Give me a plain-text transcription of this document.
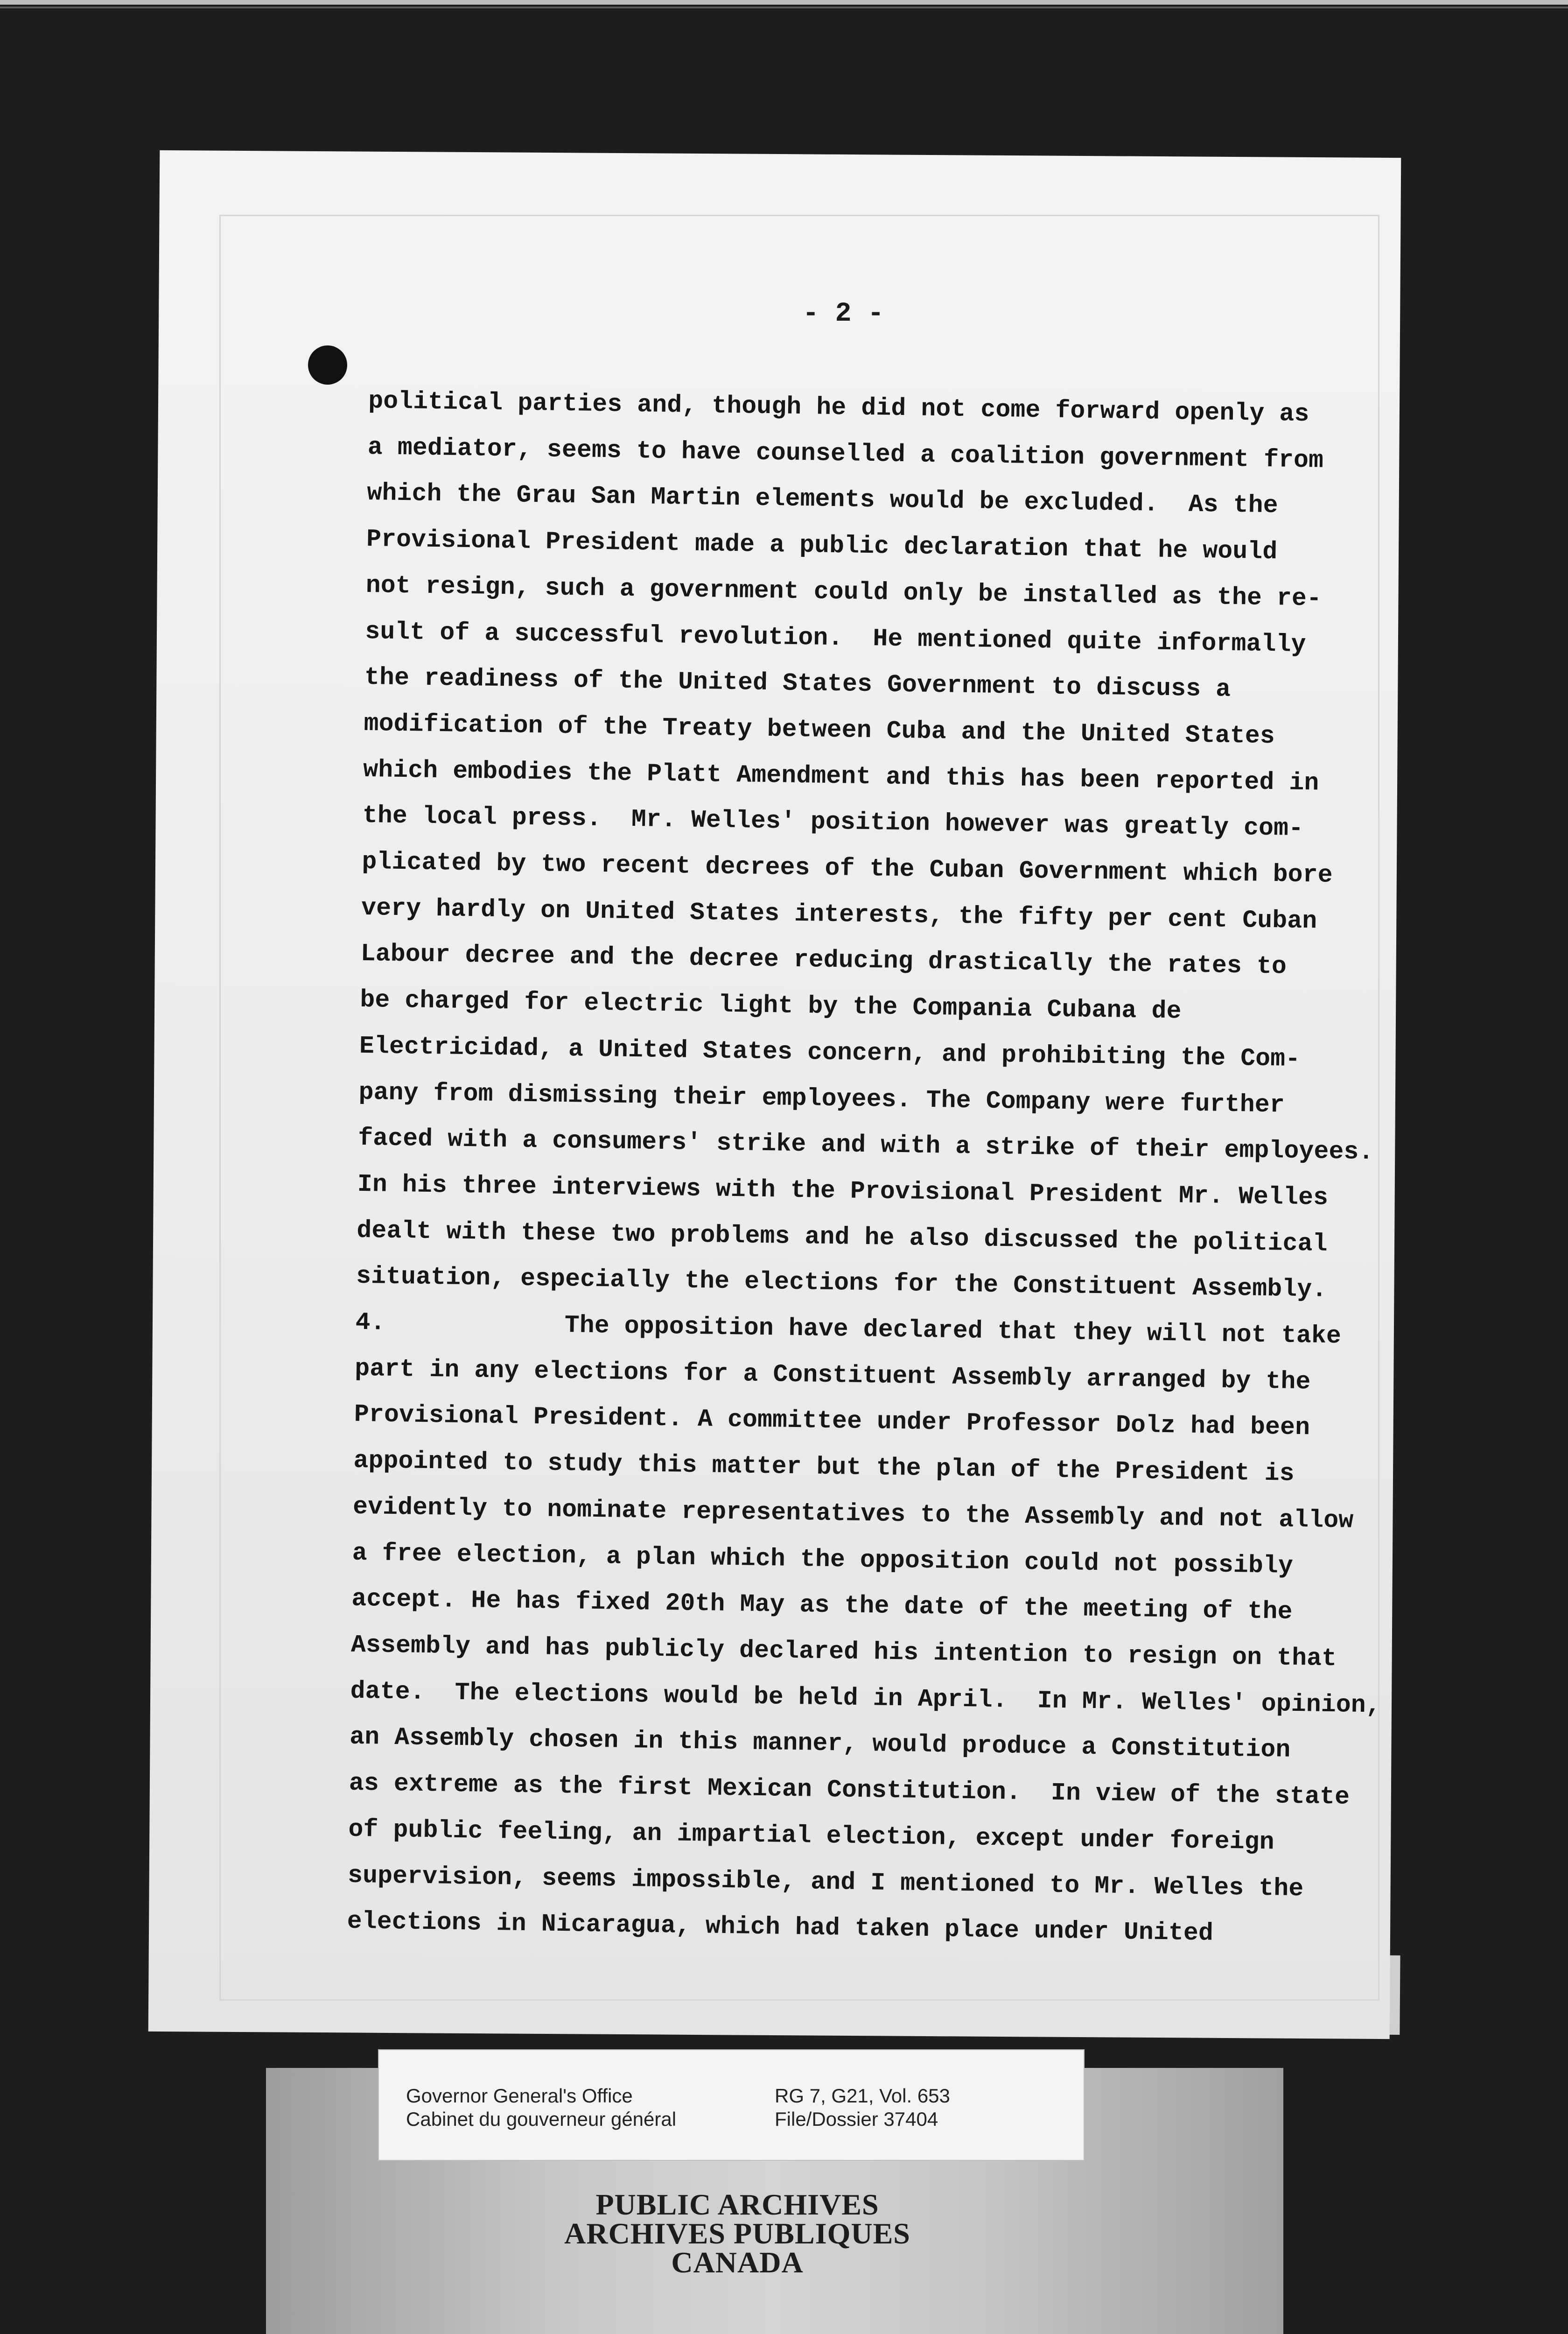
- 2 -
political parties and, though he did not come forward openly as
a mediator, seems to have counselled a coalition government from
which the Grau San Martin elements would be excluded.  As the
Provisional President made a public declaration that he would
not resign, such a government could only be installed as the re-
sult of a successful revolution.  He mentioned quite informally
the readiness of the United States Government to discuss a
modification of the Treaty between Cuba and the United States
which embodies the Platt Amendment and this has been reported in
the local press.  Mr. Welles' position however was greatly com-
plicated by two recent decrees of the Cuban Government which bore
very hardly on United States interests, the fifty per cent Cuban
Labour decree and the decree reducing drastically the rates to
be charged for electric light by the Compania Cubana de
Electricidad, a United States concern, and prohibiting the Com-
pany from dismissing their employees. The Company were further
faced with a consumers' strike and with a strike of their employees.
In his three interviews with the Provisional President Mr. Welles
dealt with these two problems and he also discussed the political
situation, especially the elections for the Constituent Assembly.
4.            The opposition have declared that they will not take
part in any elections for a Constituent Assembly arranged by the
Provisional President. A committee under Professor Dolz had been
appointed to study this matter but the plan of the President is
evidently to nominate representatives to the Assembly and not allow
a free election, a plan which the opposition could not possibly
accept. He has fixed 20th May as the date of the meeting of the
Assembly and has publicly declared his intention to resign on that
date.  The elections would be held in April.  In Mr. Welles' opinion,
an Assembly chosen in this manner, would produce a Constitution
as extreme as the first Mexican Constitution.  In view of the state
of public feeling, an impartial election, except under foreign
supervision, seems impossible, and I mentioned to Mr. Welles the
elections in Nicaragua, which had taken place under United
Governor General's Office
Cabinet du gouverneur général
RG 7, G21, Vol. 653
File/Dossier 37404
PUBLIC ARCHIVES
ARCHIVES PUBLIQUES
CANADA
